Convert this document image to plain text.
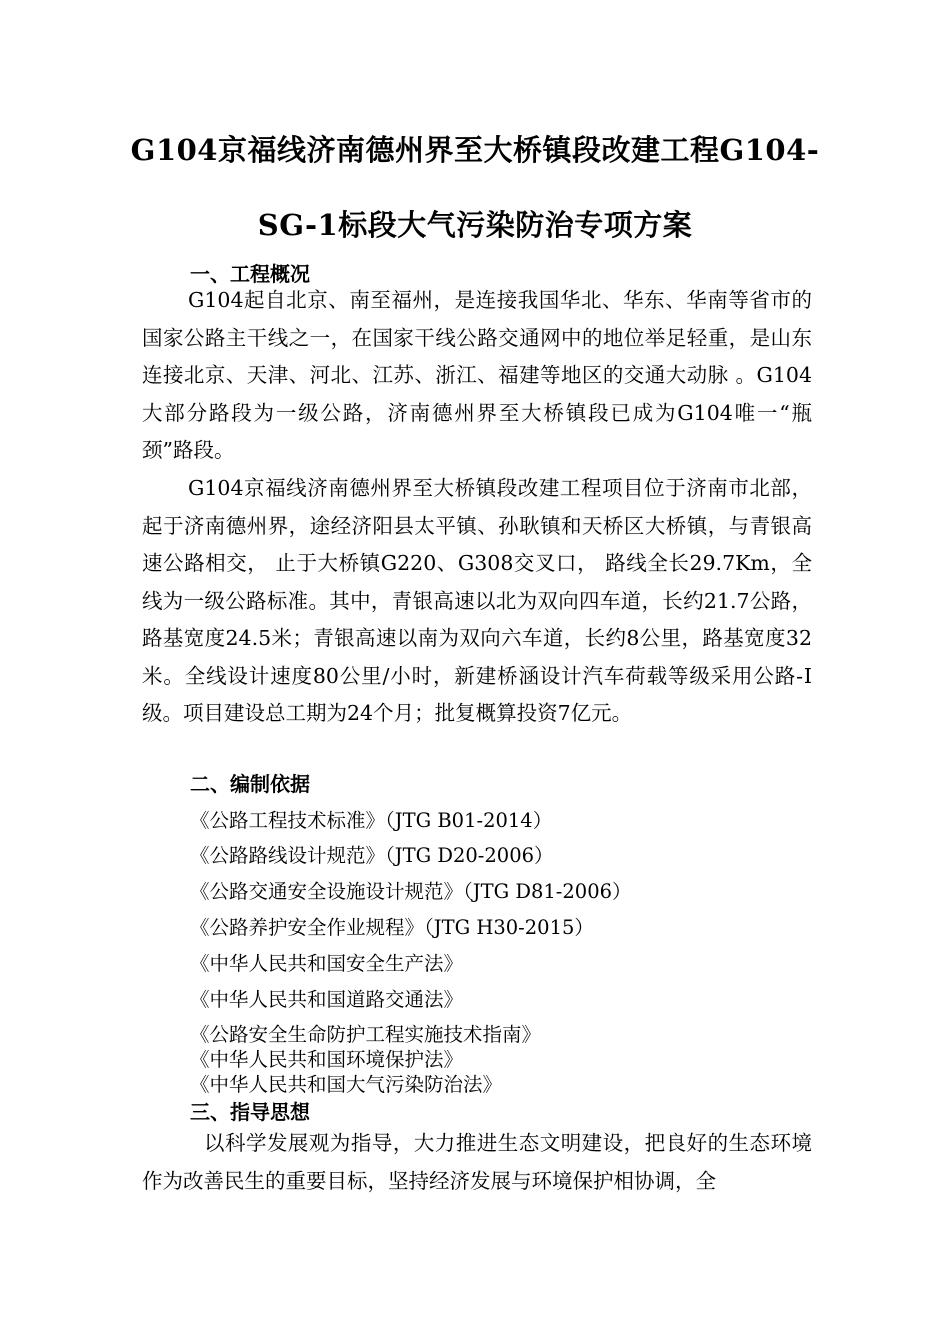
G104京福线济南德州界至大桥镇段改建工程G104-
SG-1标段大气污染防治专项方案
一、工程概况

G104起自北京、南至福州，是连接我国华北、华东、华南等省市的国家公路主干线之一，在国家干线公路交通网中的地位举足轻重，是山东连接北京、天津、河北、江苏、浙江、福建等地区的交通大动脉 。G104大部分路段为一级公路，济南德州界至大桥镇段已成为G104唯一“瓶颈”路段。

G104京福线济南德州界至大桥镇段改建工程项目位于济南市北部，起于济南德州界，途经济阳县太平镇、孙耿镇和天桥区大桥镇，与青银高速公路相交， 止于大桥镇G220、G308交叉口， 路线全长29.7Km，全线为一级公路标准。其中，青银高速以北为双向四车道，长约21.7公路，路基宽度24.5米；青银高速以南为双向六车道，长约8公里，路基宽度32米。全线设计速度80公里/小时，新建桥涵设计汽车荷载等级采用公路-Ⅰ级。项目建设总工期为24个月；批复概算投资7亿元。

二、编制依据
《公路工程技术标准》（JTG B01-2014）
《公路路线设计规范》（JTG D20-2006）
《公路交通安全设施设计规范》（JTG D81-2006）
《公路养护安全作业规程》（JTG H30-2015）
《中华人民共和国安全生产法》
《中华人民共和国道路交通法》
《公路安全生命防护工程实施技术指南》
《中华人民共和国环境保护法》
《中华人民共和国大气污染防治法》
三、指导思想

以科学发展观为指导，大力推进生态文明建设，把良好的生态环境作为改善民生的重要目标，坚持经济发展与环境保护相协调，全
